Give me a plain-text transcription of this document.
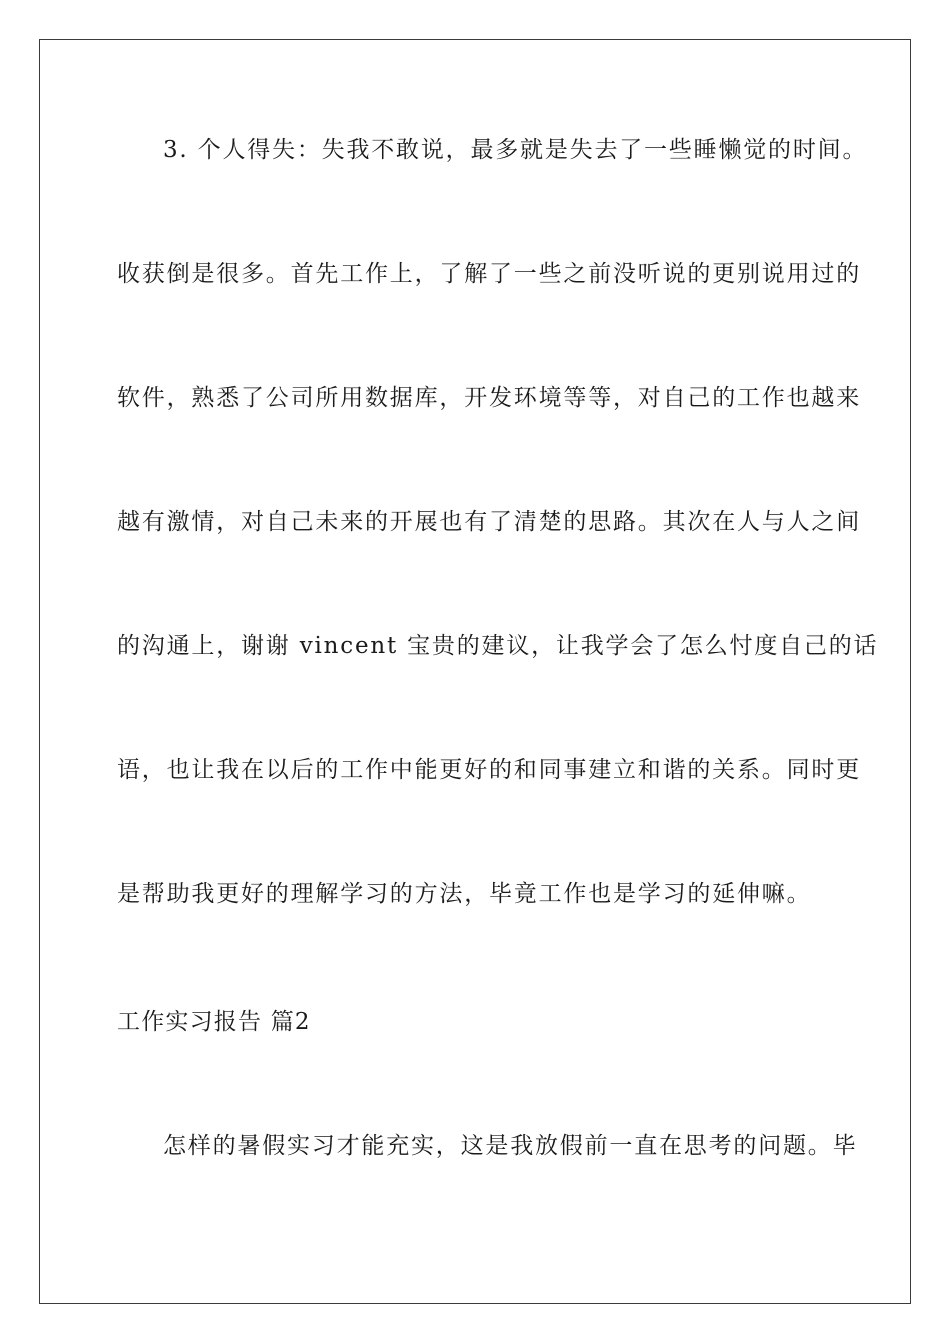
3. 个人得失：失我不敢说，最多就是失去了一些睡懒觉的时间。
收获倒是很多。首先工作上，了解了一些之前没听说的更别说用过的
软件，熟悉了公司所用数据库，开发环境等等，对自己的工作也越来
越有激情，对自己未来的开展也有了清楚的思路。其次在人与人之间
的沟通上，谢谢 vincent 宝贵的建议，让我学会了怎么忖度自己的话
语，也让我在以后的工作中能更好的和同事建立和谐的关系。同时更
是帮助我更好的理解学习的方法，毕竟工作也是学习的延伸嘛。
工作实习报告 篇2
怎样的暑假实习才能充实，这是我放假前一直在思考的问题。毕
